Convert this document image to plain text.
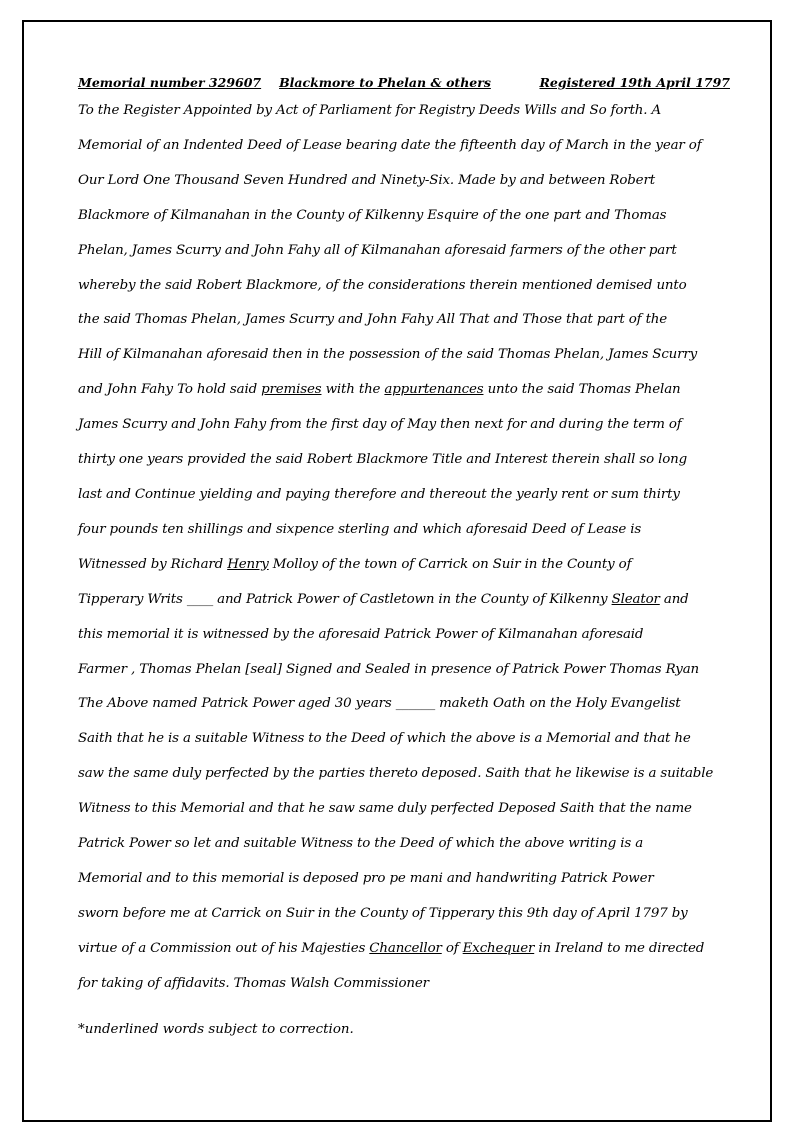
Memorial number 329607 Blackmore to Phelan & others	Registered 19th April 1797
To the Register Appointed by Act of Parliament for Registry Deeds Wills and So forth. A
Memorial of an Indented Deed of Lease bearing date the fifteenth day of March in the year of
Our Lord One Thousand Seven Hundred and Ninety-Six. Made by and between Robert
Blackmore of Kilmanahan in the County of Kilkenny Esquire of the one part and Thomas
Phelan, James Scurry and John Fahy all of Kilmanahan aforesaid farmers of the other part
whereby the said Robert Blackmore, of the considerations therein mentioned demised unto
the said Thomas Phelan, James Scurry and John Fahy All That and Those that part of the
Hill of Kilmanahan aforesaid then in the possession of the said Thomas Phelan, James Scurry
and John Fahy To hold said premises with the appurtenances unto the said Thomas Phelan
James Scurry and John Fahy from the first day of May then next for and during the term of
thirty one years provided the said Robert Blackmore Title and Interest therein shall so long
last and Continue yielding and paying therefore and thereout the yearly rent or sum thirty
four pounds ten shillings and sixpence sterling and which aforesaid Deed of Lease is
Witnessed by Richard Henry Molloy of the town of Carrick on Suir in the County of
Tipperary Writs ____ and Patrick Power of Castletown in the County of Kilkenny Sleator and
this memorial it is witnessed by the aforesaid Patrick Power of Kilmanahan aforesaid
Farmer , Thomas Phelan [seal] Signed and Sealed in presence of Patrick Power Thomas Ryan
The Above named Patrick Power aged 30 years ______ maketh Oath on the Holy Evangelist
Saith that he is a suitable Witness to the Deed of which the above is a Memorial and that he
saw the same duly perfected by the parties thereto deposed. Saith that he likewise is a suitable
Witness to this Memorial and that he saw same duly perfected Deposed Saith that the name
Patrick Power so let and suitable Witness to the Deed of which the above writing is a
Memorial and to this memorial is deposed pro pe mani and handwriting Patrick Power
sworn before me at Carrick on Suir in the County of Tipperary this 9th day of April 1797 by
virtue of a Commission out of his Majesties Chancellor of Exchequer in Ireland to me directed
for taking of affidavits. Thomas Walsh Commissioner
*underlined words subject to correction.
